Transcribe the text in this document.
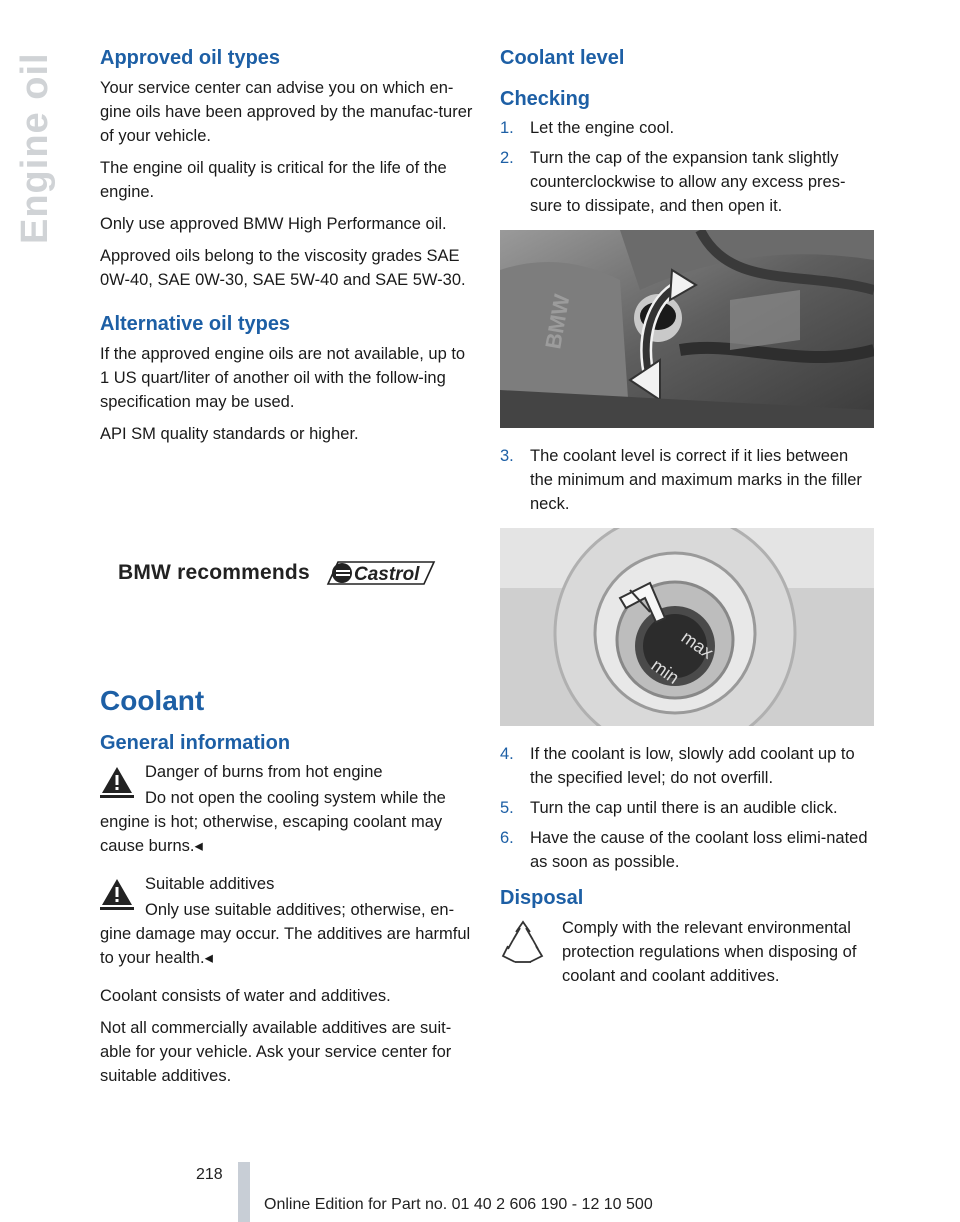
Engine oil	Approved oil types

Your service center can advise you on which en-gine oils have been approved by the manufac-turer of your vehicle.

The engine oil quality is critical for the life of the engine.

Only use approved BMW High Performance oil.

Approved oils belong to the viscosity grades SAE 0W-40, SAE 0W-30, SAE 5W-40 and SAE 5W-30.

Alternative oil types

If the approved engine oils are not available, up to 1 US quart/liter of another oil with the follow-ing specification may be used.

API SM quality standards or higher.

BMW recommends Castrol
Coolant
General information

Danger of burns from hot engine

Do not open the cooling system while the engine is hot; otherwise, escaping coolant may cause burns.◂

Suitable additives

Only use suitable additives; otherwise, en-gine damage may occur. The additives are harmful to your health.◂

Coolant consists of water and additives.

Not all commercially available additives are suit-able for your vehicle. Ask your service center for suitable additives.

Coolant level
Checking
1. Let the engine cool.
2. Turn the cap of the expansion tank slightly counterclockwise to allow any excess pres-sure to dissipate, and then open it.
BMW
3. The coolant level is correct if it lies between the minimum and maximum marks in the filler neck.
max
min
4. If the coolant is low, slowly add coolant up to the specified level; do not overfill.
5. Turn the cap until there is an audible click.
6. Have the cause of the coolant loss elimi-nated as soon as possible.
Disposal

Comply with the relevant environmental protection regulations when disposing of coolant and coolant additives.

218
Online Edition for Part no. 01 40 2 606 190 - 12 10 500
